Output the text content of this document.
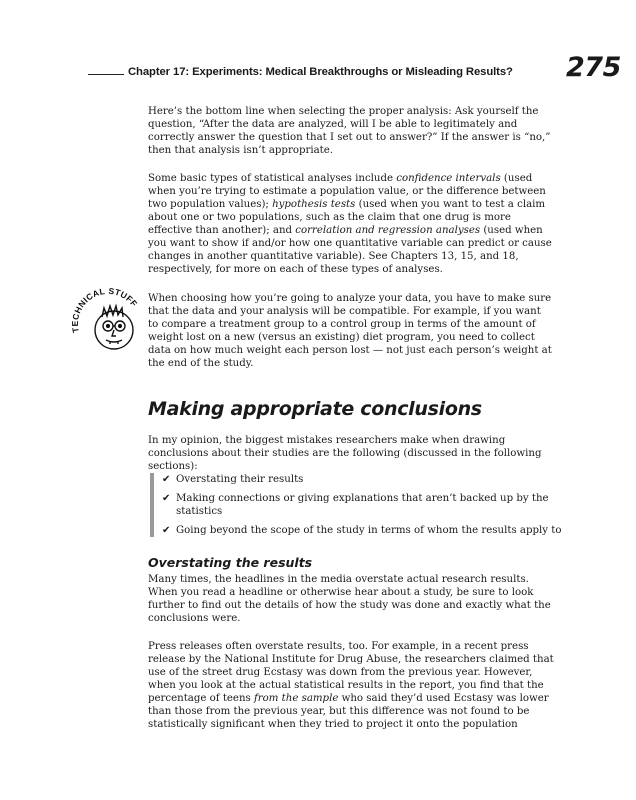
Chapter 17: Experiments: Medical Breakthroughs or Misleading Results? 275

Here’s the bottom line when selecting the proper analysis: Ask yourself the question, “After the data are analyzed, will I be able to legitimately and correctly answer the question that I set out to answer?” If the answer is “no,” then that analysis isn’t appropriate.

Some basic types of statistical analyses include confidence intervals (used when you’re trying to estimate a population value, or the difference between two population values); hypothesis tests (used when you want to test a claim about one or two populations, such as the claim that one drug is more effective than another); and correlation and regression analyses (used when you want to show if and/or how one quantitative variable can predict or cause changes in another quantitative variable). See Chapters 13, 15, and 18, respectively, for more on each of these types of analyses.

TECHNICAL STUFF When choosing how you’re going to analyze your data, you have to make sure that the data and your analysis will be compatible. For example, if you want to compare a treatment group to a control group in terms of the amount of weight lost on a new (versus an existing) diet program, you need to collect data on how much weight each person lost — not just each person’s weight at the end of the study.

Making appropriate conclusions

In my opinion, the biggest mistakes researchers make when drawing conclusions about their studies are the following (discussed in the following sections):

✔ Overstating their results
✔ Making connections or giving explanations that aren’t backed up by the statistics
✔ Going beyond the scope of the study in terms of whom the results apply to
Overstating the results

Many times, the headlines in the media overstate actual research results. When you read a headline or otherwise hear about a study, be sure to look further to find out the details of how the study was done and exactly what the conclusions were.

Press releases often overstate results, too. For example, in a recent press release by the National Institute for Drug Abuse, the researchers claimed that use of the street drug Ecstasy was down from the previous year. However, when you look at the actual statistical results in the report, you find that the percentage of teens from the sample who said they’d used Ecstasy was lower than those from the previous year, but this difference was not found to be statistically significant when they tried to project it onto the population
